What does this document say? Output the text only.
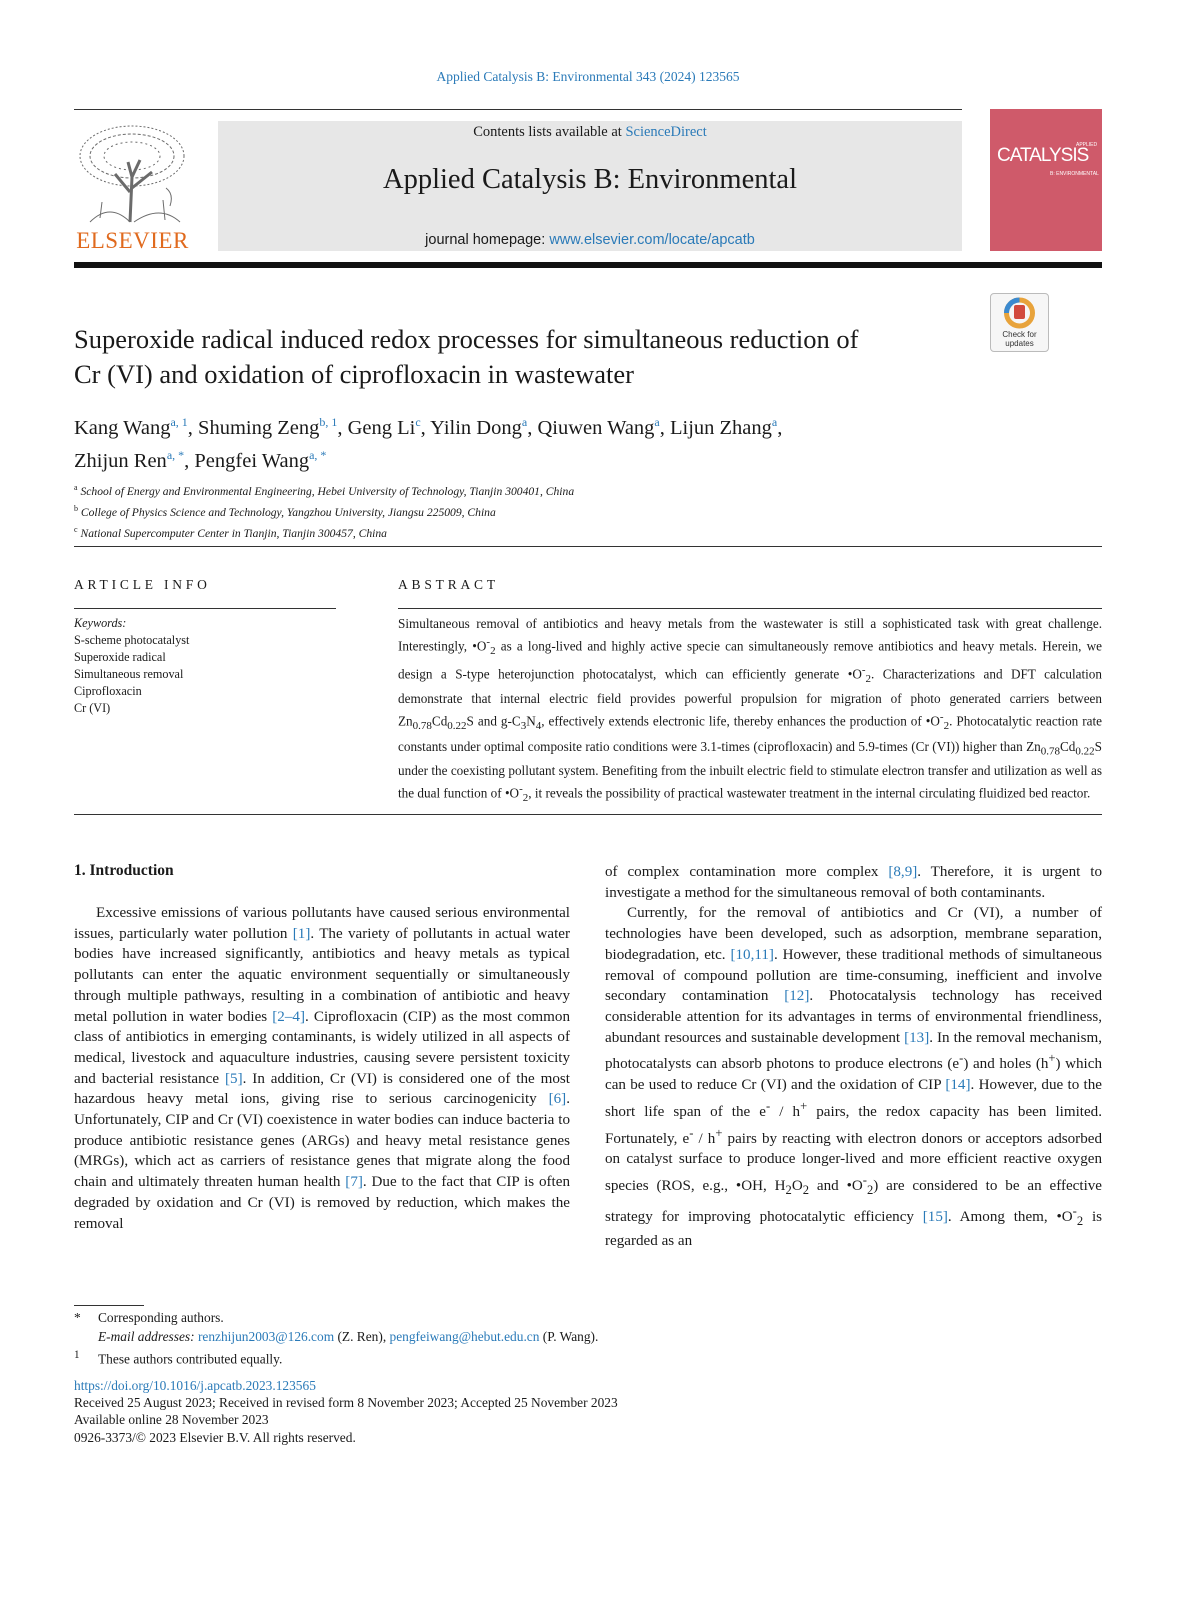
Applied Catalysis B: Environmental 343 (2024) 123565
ELSEVIER
Contents lists available at ScienceDirect
Applied Catalysis B: Environmental
journal homepage: www.elsevier.com/locate/apcatb
APPLIED
CATALYSIS
B: ENVIRONMENTAL
Check for updates
Superoxide radical induced redox processes for simultaneous reduction of
Cr (VI) and oxidation of ciprofloxacin in wastewater
Kang Wang$^{a, 1}$, Shuming Zeng$^{b, 1}$, Geng Li$^c$, Yilin Dong$^a$, Qiuwen Wang$^a$, Lijun Zhang$^a$,
Zhijun Ren$^{a, *}$, Pengfei Wang$^{a, *}$
$^a$ School of Energy and Environmental Engineering, Hebei University of Technology, Tianjin 300401, China
$^b$ College of Physics Science and Technology, Yangzhou University, Jiangsu 225009, China
$^c$ National Supercomputer Center in Tianjin, Tianjin 300457, China
ARTICLE INFO
Keywords:
S-scheme photocatalyst
Superoxide radical
Simultaneous removal
Ciprofloxacin
Cr (VI)
ABSTRACT

Simultaneous removal of antibiotics and heavy metals from the wastewater is still a sophisticated task with great challenge. Interestingly, $•O^-_2$ as a long-lived and highly active specie can simultaneously remove antibiotics and heavy metals. Herein, we design a S-type heterojunction photocatalyst, which can efficiently generate $•O^-_2$. Characterizations and DFT calculation demonstrate that internal electric field provides powerful propulsion for migration of photo generated carriers between $Zn_{0.78}Cd_{0.22}S$ and $g-C_3N_4$, effectively extends electronic life, thereby enhances the production of $•O^-_2$. Photocatalytic reaction rate constants under optimal composite ratio conditions were 3.1-times (ciprofloxacin) and 5.9-times (Cr (VI)) higher than $Zn_{0.78}Cd_{0.22}S$ under the coexisting pollutant system. Benefiting from the inbuilt electric field to stimulate electron transfer and utilization as well as the dual function of $•O^-_2$, it reveals the possibility of practical wastewater treatment in the internal circulating fluidized bed reactor.

1. Introduction

Excessive emissions of various pollutants have caused serious environmental issues, particularly water pollution [1]. The variety of pollutants in actual water bodies have increased significantly, antibiotics and heavy metals as typical pollutants can enter the aquatic environment sequentially or simultaneously through multiple pathways, resulting in a combination of antibiotic and heavy metal pollution in water bodies [2–4]. Ciprofloxacin (CIP) as the most common class of antibiotics in emerging contaminants, is widely utilized in all aspects of medical, livestock and aquaculture industries, causing severe persistent toxicity and bacterial resistance [5]. In addition, Cr (VI) is considered one of the most hazardous heavy metal ions, giving rise to serious carcinogenicity [6]. Unfortunately, CIP and Cr (VI) coexistence in water bodies can induce bacteria to produce antibiotic resistance genes (ARGs) and heavy metal resistance genes (MRGs), which act as carriers of resistance genes that migrate along the food chain and ultimately threaten human health [7]. Due to the fact that CIP is often degraded by oxidation and Cr (VI) is removed by reduction, which makes the removal

of complex contamination more complex [8,9]. Therefore, it is urgent to investigate a method for the simultaneous removal of both contaminants.

Currently, for the removal of antibiotics and Cr (VI), a number of technologies have been developed, such as adsorption, membrane separation, biodegradation, etc. [10,11]. However, these traditional methods of simultaneous removal of compound pollution are time-consuming, inefficient and involve secondary contamination [12]. Photocatalysis technology has received considerable attention for its advantages in terms of environmental friendliness, abundant resources and sustainable development [13]. In the removal mechanism, photocatalysts can absorb photons to produce electrons (e-) and holes (h+) which can be used to reduce Cr (VI) and the oxidation of CIP [14]. However, due to the short life span of the e- / h+ pairs, the redox capacity has been limited. Fortunately, e- / h+ pairs by reacting with electron donors or acceptors adsorbed on catalyst surface to produce longer-lived and more efficient reactive oxygen species (ROS, e.g., •OH, $H_2O_2$ and $•O^-_2$) are considered to be an effective strategy for improving photocatalytic efficiency [15]. Among them, $•O^-_2$ is regarded as an

* Corresponding authors.
E-mail addresses: renzhijun2003@126.com (Z. Ren), pengfeiwang@hebut.edu.cn (P. Wang).
$^1$ These authors contributed equally.
https://doi.org/10.1016/j.apcatb.2023.123565
Received 25 August 2023; Received in revised form 8 November 2023; Accepted 25 November 2023
Available online 28 November 2023
0926-3373/© 2023 Elsevier B.V. All rights reserved.
